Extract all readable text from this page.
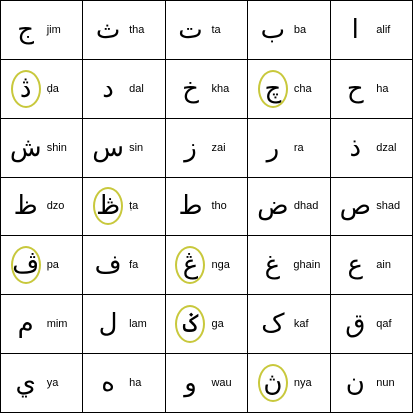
ج jim	ث tha	ت ta	ب ba	ا alif
ڎ ḍa	د dal	خ kha	چ cha	ح ha
ش shin س sin	ز zai	ر ra	ذ dzal
ظ dzo	ڟ ṭa	ط tho	ض dhad ص shad
ڤ pa	ف fa	ڠ nga غ ghain ع ain
م mim ل lam	ݢ ga	ک kaf	ق qaf
ي ya	ه ha	و wau ڽ nya	ن nun
